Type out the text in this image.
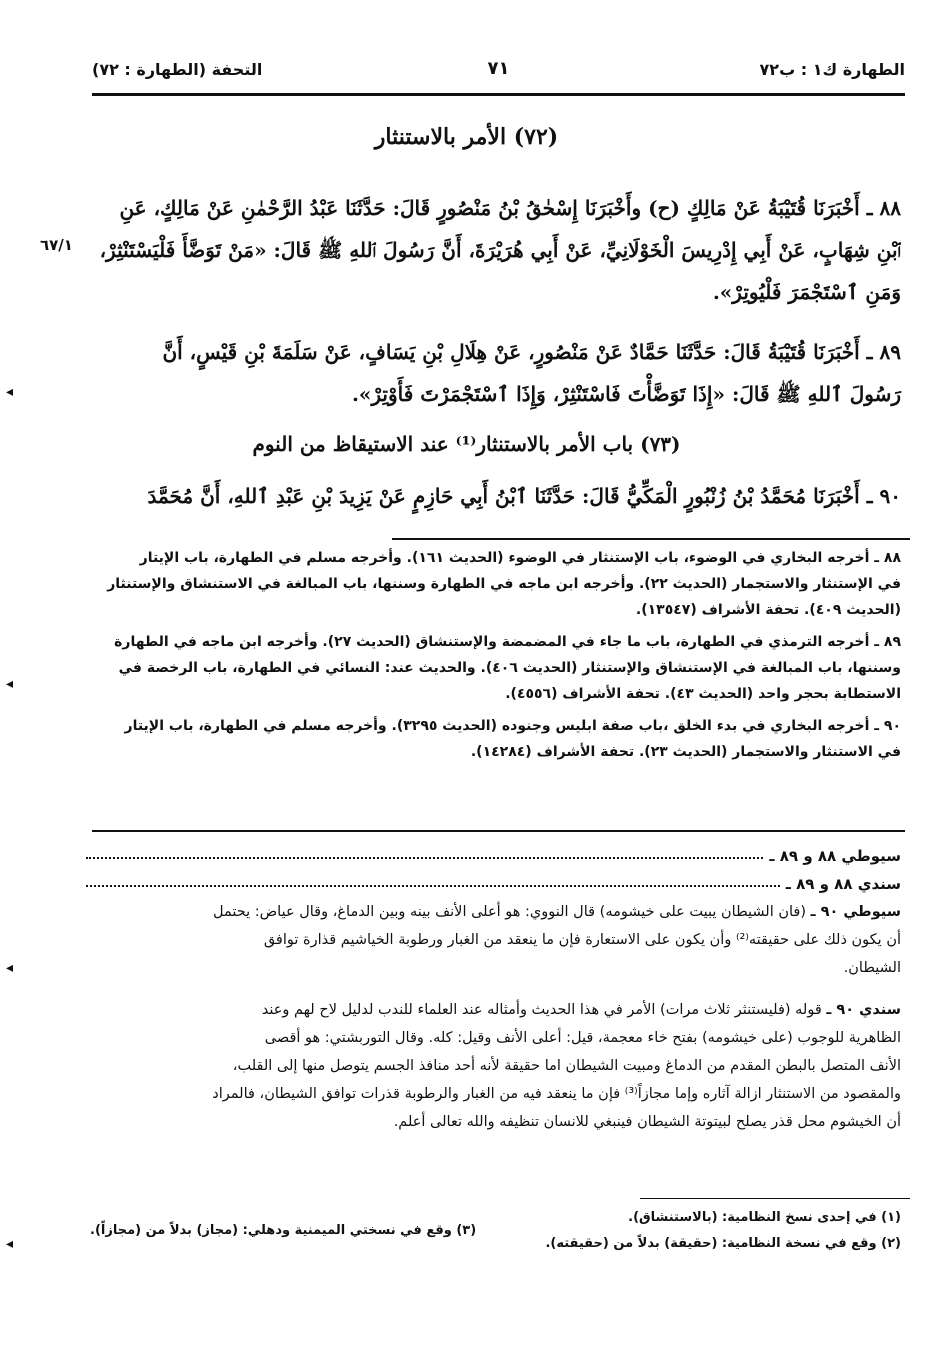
الطهارة ك١ : ب٧٢
٧١
التحفة (الطهارة : ٧٢)
(٧٢) الأمر بالاستنثار

٨٨ ـ أَخْبَرَنَا قُتَيْبَةُ عَنْ مَالِكٍ (ح) وأَخْبَرَنَا إِسْحٰقُ بْنُ مَنْصُورٍ قَالَ: حَدَّثَنَا عَبْدُ الرَّحْمٰنِ عَنْ مَالِكٍ، عَنِ

ٱبْنِ شِهَابٍ، عَنْ أَبِي إِدْرِيسَ الْخَوْلَانِيِّ، عَنْ أَبِي هُرَيْرَةَ، أَنَّ رَسُولَ ٱللهِ ﷺ قَالَ: «مَنْ تَوَضَّأَ فَلْيَسْتَنْثِرْ،

وَمَنِ ٱسْتَجْمَرَ فَلْيُوتِرْ».

٦٧/١

٨٩ ـ أَخْبَرَنَا قُتَيْبَةُ قَالَ: حَدَّثَنَا حَمَّادٌ عَنْ مَنْصُورٍ، عَنْ هِلَالِ بْنِ يَسَافٍ، عَنْ سَلَمَةَ بْنِ قَيْسٍ، أَنَّ

رَسُولَ ٱللهِ ﷺ قَالَ: «إِذَا تَوَضَّأْتَ فَاسْتَنْثِرْ، وَإِذَا ٱسْتَجْمَرْتَ فَأَوْتِرْ».

◂
(٧٣) باب الأمر بالاستنثار⁽¹⁾ عند الاستيقاظ من النوم

٩٠ ـ أَخْبَرَنَا مُحَمَّدُ بْنُ زُنْبُورٍ الْمَكِّيُّ قَالَ: حَدَّثَنَا ٱبْنُ أَبِي حَازِمٍ عَنْ يَزِيدَ بْنِ عَبْدِ ٱللهِ، أَنَّ مُحَمَّدَ

٨٨ ـ أخرجه البخاري في الوضوء، باب الإستنثار في الوضوء (الحديث ١٦١). وأخرجه مسلم في الطهارة، باب الإيتار
في الإستنثار والاستجمار (الحديث ٢٢). وأخرجه ابن ماجه في الطهارة وسننها، باب المبالغة في الاستنشاق والإستنثار
(الحديث ٤٠٩). تحفة الأشراف (١٣٥٤٧).

٨٩ ـ أخرجه الترمذي في الطهارة، باب ما جاء في المضمضة والإستنشاق (الحديث ٢٧). وأخرجه ابن ماجه في الطهارة
وسننها، باب المبالغة في الإستنشاق والإستنثار (الحديث ٤٠٦). والحديث عند: النسائي في الطهارة، باب الرخصة في
الاستطابة بحجر واحد (الحديث ٤٣). تحفة الأشراف (٤٥٥٦).

٩٠ ـ أخرجه البخاري في بدء الخلق ،باب صفة ابليس وجنوده (الحديث ٣٢٩٥). وأخرجه مسلم في الطهارة، باب الإيتار
في الاستنثار والاستجمار (الحديث ٢٣). تحفة الأشراف (١٤٢٨٤).

◂
سيوطي ٨٨ و ٨٩ ـ
سندي ٨٨ و ٨٩ ـ
سيوطي ٩٠ ـ (فان الشيطان يبيت على خيشومه) قال النووي: هو أعلى الأنف بينه وبين الدماغ، وقال عياض: يحتمل
أن يكون ذلك على حقيقته⁽²⁾ وأن يكون على الاستعارة فإن ما ينعقد من الغبار ورطوبة الخياشيم قذارة توافق
الشيطان.
سندي ٩٠ ـ قوله (فليستنثر ثلاث مرات) الأمر في هذا الحديث وأمثاله عند العلماء للندب لدليل لاح لهم وعند
الظاهرية للوجوب (على خيشومه) بفتح خاء معجمة، قيل: أعلى الأنف وقيل: كله. وقال التوربشتي: هو أقصى
الأنف المتصل بالبطن المقدم من الدماغ ومبيت الشيطان اما حقيقة لأنه أحد منافذ الجسم يتوصل منها إلى القلب،
والمقصود من الاستنثار ازالة آثاره وإما مجازاً⁽³⁾ فإن ما ينعقد فيه من الغبار والرطوبة قذرات توافق الشيطان، فالمراد
أن الخيشوم محل قذر يصلح لبيتوتة الشيطان فينبغي للانسان تنظيفه والله تعالى أعلم.
◂
(١) في إحدى نسخ النظامية: (بالاستنشاق).
(٢) وقع في نسخة النظامية: (حقيقة) بدلاً من (حقيقته).
(٣) وقع في نسختي الميمنية ودهلي: (مجاز) بدلاً من (مجازاً).
◂
